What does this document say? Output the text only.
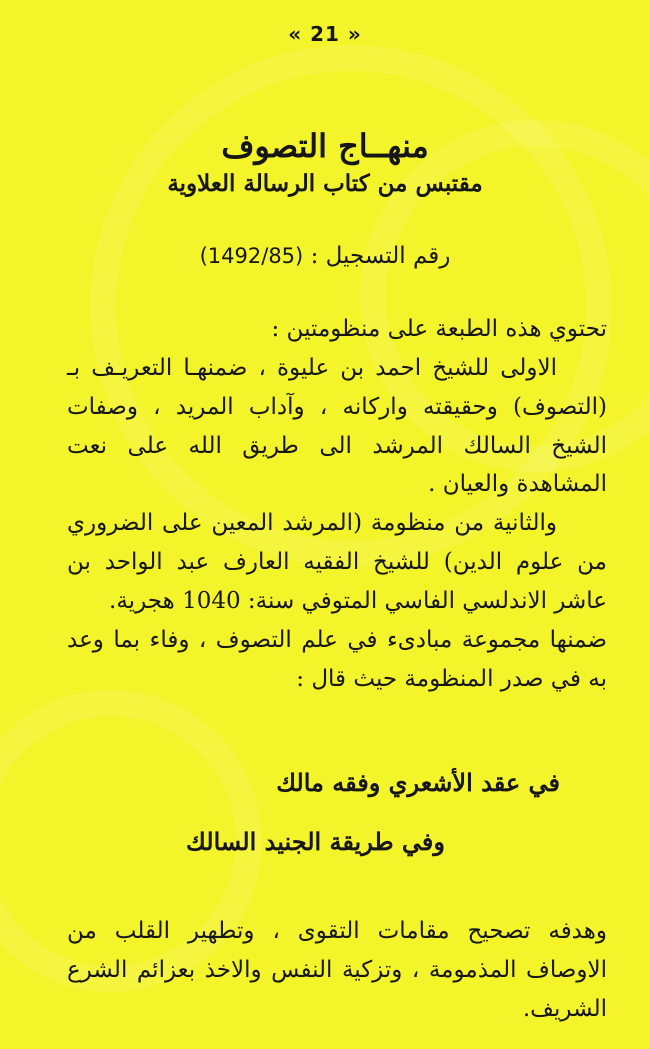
« 21 »
منهــاج التصوف
مقتبس من كتاب الرسالة العلاوية
رقم التسجيل : (1492/85)

تحتوي هذه الطبعة على منظومتين :

الاولى للشيخ احمد بن عليوة ، ضمنهـا التعريـف بـ (التصوف) وحقيقته واركانه ، وآداب المريد ، وصفات الشيخ السالك المرشد الى طريق الله على نعت المشاهدة والعيان .

والثانية من منظومة (المرشد المعين على الضروري من علوم الدين) للشيخ الفقيه العارف عبد الواحد بن عاشر الاندلسي الفاسي المتوفي سنة: 1040 هجرية.

ضمنها مجموعة مبادىء في علم التصوف ، وفاء بما وعد به في صدر المنظومة حيث قال :

في عقد الأشعري وفقه مالك
وفي طريقة الجنيد السالك
وهدفه تصحيح مقامات التقوى ، وتطهير القلب من الاوصاف المذمومة ، وتزكية النفس والاخذ بعزائم الشرع الشريف.
